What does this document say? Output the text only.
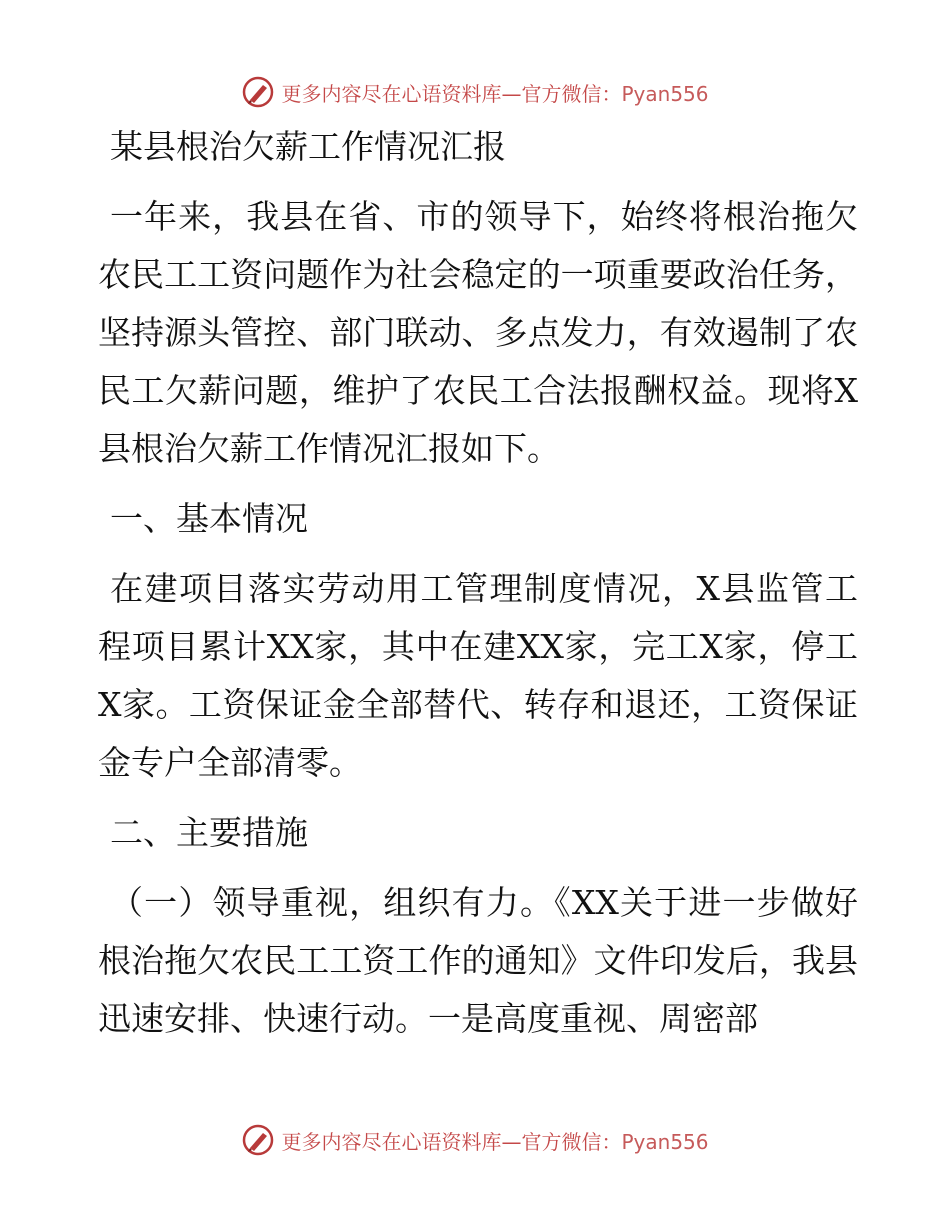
更多内容尽在心语资料库—官方微信：Pyan556
某县根治欠薪工作情况汇报
一年来，我县在省、市的领导下，始终将根治拖欠农民工工资问题作为社会稳定的一项重要政治任务，坚持源头管控、部门联动、多点发力，有效遏制了农民工欠薪问题，维护了农民工合法报酬权益。现将X县根治欠薪工作情况汇报如下。
一、基本情况
在建项目落实劳动用工管理制度情况，X县监管工程项目累计XX家，其中在建XX家，完工X家，停工X家。工资保证金全部替代、转存和退还，工资保证金专户全部清零。
二、主要措施
（一）领导重视，组织有力。《XX关于进一步做好根治拖欠农民工工资工作的通知》文件印发后，我县迅速安排、快速行动。一是高度重视、周密部
更多内容尽在心语资料库—官方微信：Pyan556
